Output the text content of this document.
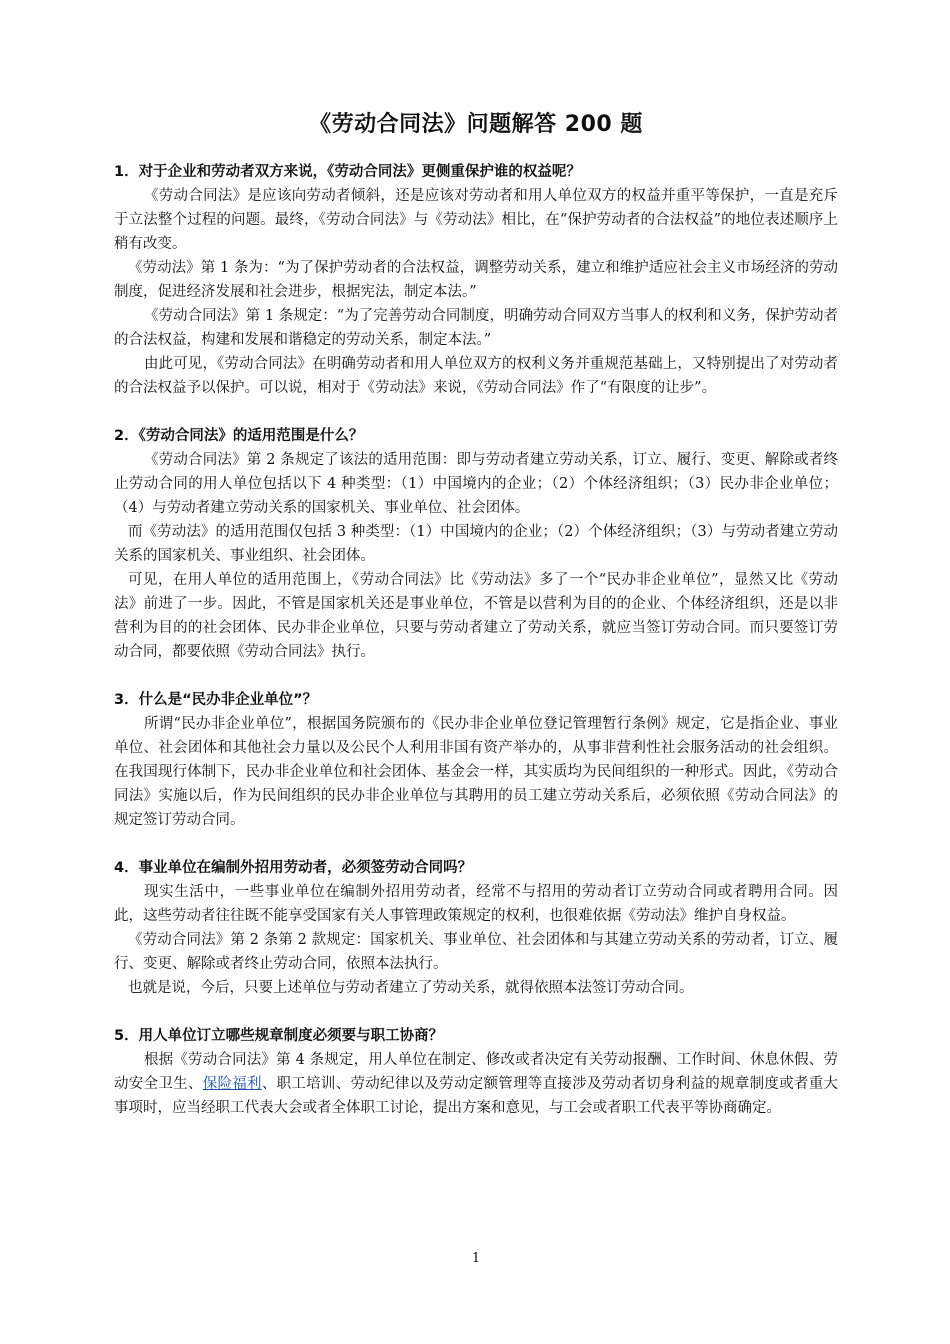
《劳动合同法》问题解答 200 题

1．对于企业和劳动者双方来说，《劳动合同法》更侧重保护谁的权益呢？

《劳动合同法》是应该向劳动者倾斜，还是应该对劳动者和用人单位双方的权益并重平等保护，一直是充斥于立法整个过程的问题。最终，《劳动合同法》与《劳动法》相比，在“保护劳动者的合法权益”的地位表述顺序上稍有改变。

《劳动法》第 1 条为：“为了保护劳动者的合法权益，调整劳动关系，建立和维护适应社会主义市场经济的劳动制度，促进经济发展和社会进步，根据宪法，制定本法。”

《劳动合同法》第 1 条规定：“为了完善劳动合同制度，明确劳动合同双方当事人的权利和义务，保护劳动者的合法权益，构建和发展和谐稳定的劳动关系，制定本法。”

由此可见，《劳动合同法》在明确劳动者和用人单位双方的权利义务并重规范基础上，又特别提出了对劳动者的合法权益予以保护。可以说，相对于《劳动法》来说，《劳动合同法》作了“有限度的让步”。

2．《劳动合同法》的适用范围是什么？

《劳动合同法》第 2 条规定了该法的适用范围：即与劳动者建立劳动关系，订立、履行、变更、解除或者终止劳动合同的用人单位包括以下 4 种类型：（1）中国境内的企业；（2）个体经济组织；（3）民办非企业单位；（4）与劳动者建立劳动关系的国家机关、事业单位、社会团体。

而《劳动法》的适用范围仅包括 3 种类型：（1）中国境内的企业；（2）个体经济组织；（3）与劳动者建立劳动关系的国家机关、事业组织、社会团体。

可见，在用人单位的适用范围上，《劳动合同法》比《劳动法》多了一个“民办非企业单位”，显然又比《劳动法》前进了一步。因此，不管是国家机关还是事业单位，不管是以营利为目的的企业、个体经济组织，还是以非营利为目的的社会团体、民办非企业单位，只要与劳动者建立了劳动关系，就应当签订劳动合同。而只要签订劳动合同，都要依照《劳动合同法》执行。

3．什么是“民办非企业单位”？

所谓“民办非企业单位”，根据国务院颁布的《民办非企业单位登记管理暂行条例》规定，它是指企业、事业单位、社会团体和其他社会力量以及公民个人利用非国有资产举办的，从事非营利性社会服务活动的社会组织。在我国现行体制下，民办非企业单位和社会团体、基金会一样，其实质均为民间组织的一种形式。因此，《劳动合同法》实施以后，作为民间组织的民办非企业单位与其聘用的员工建立劳动关系后，必须依照《劳动合同法》的规定签订劳动合同。

4．事业单位在编制外招用劳动者，必须签劳动合同吗？

现实生活中，一些事业单位在编制外招用劳动者，经常不与招用的劳动者订立劳动合同或者聘用合同。因此，这些劳动者往往既不能享受国家有关人事管理政策规定的权利，也很难依据《劳动法》维护自身权益。

《劳动合同法》第 2 条第 2 款规定：国家机关、事业单位、社会团体和与其建立劳动关系的劳动者，订立、履行、变更、解除或者终止劳动合同，依照本法执行。

也就是说，今后，只要上述单位与劳动者建立了劳动关系，就得依照本法签订劳动合同。

5．用人单位订立哪些规章制度必须要与职工协商？

根据《劳动合同法》第 4 条规定，用人单位在制定、修改或者决定有关劳动报酬、工作时间、休息休假、劳动安全卫生、保险福利、职工培训、劳动纪律以及劳动定额管理等直接涉及劳动者切身利益的规章制度或者重大事项时，应当经职工代表大会或者全体职工讨论，提出方案和意见，与工会或者职工代表平等协商确定。

1
